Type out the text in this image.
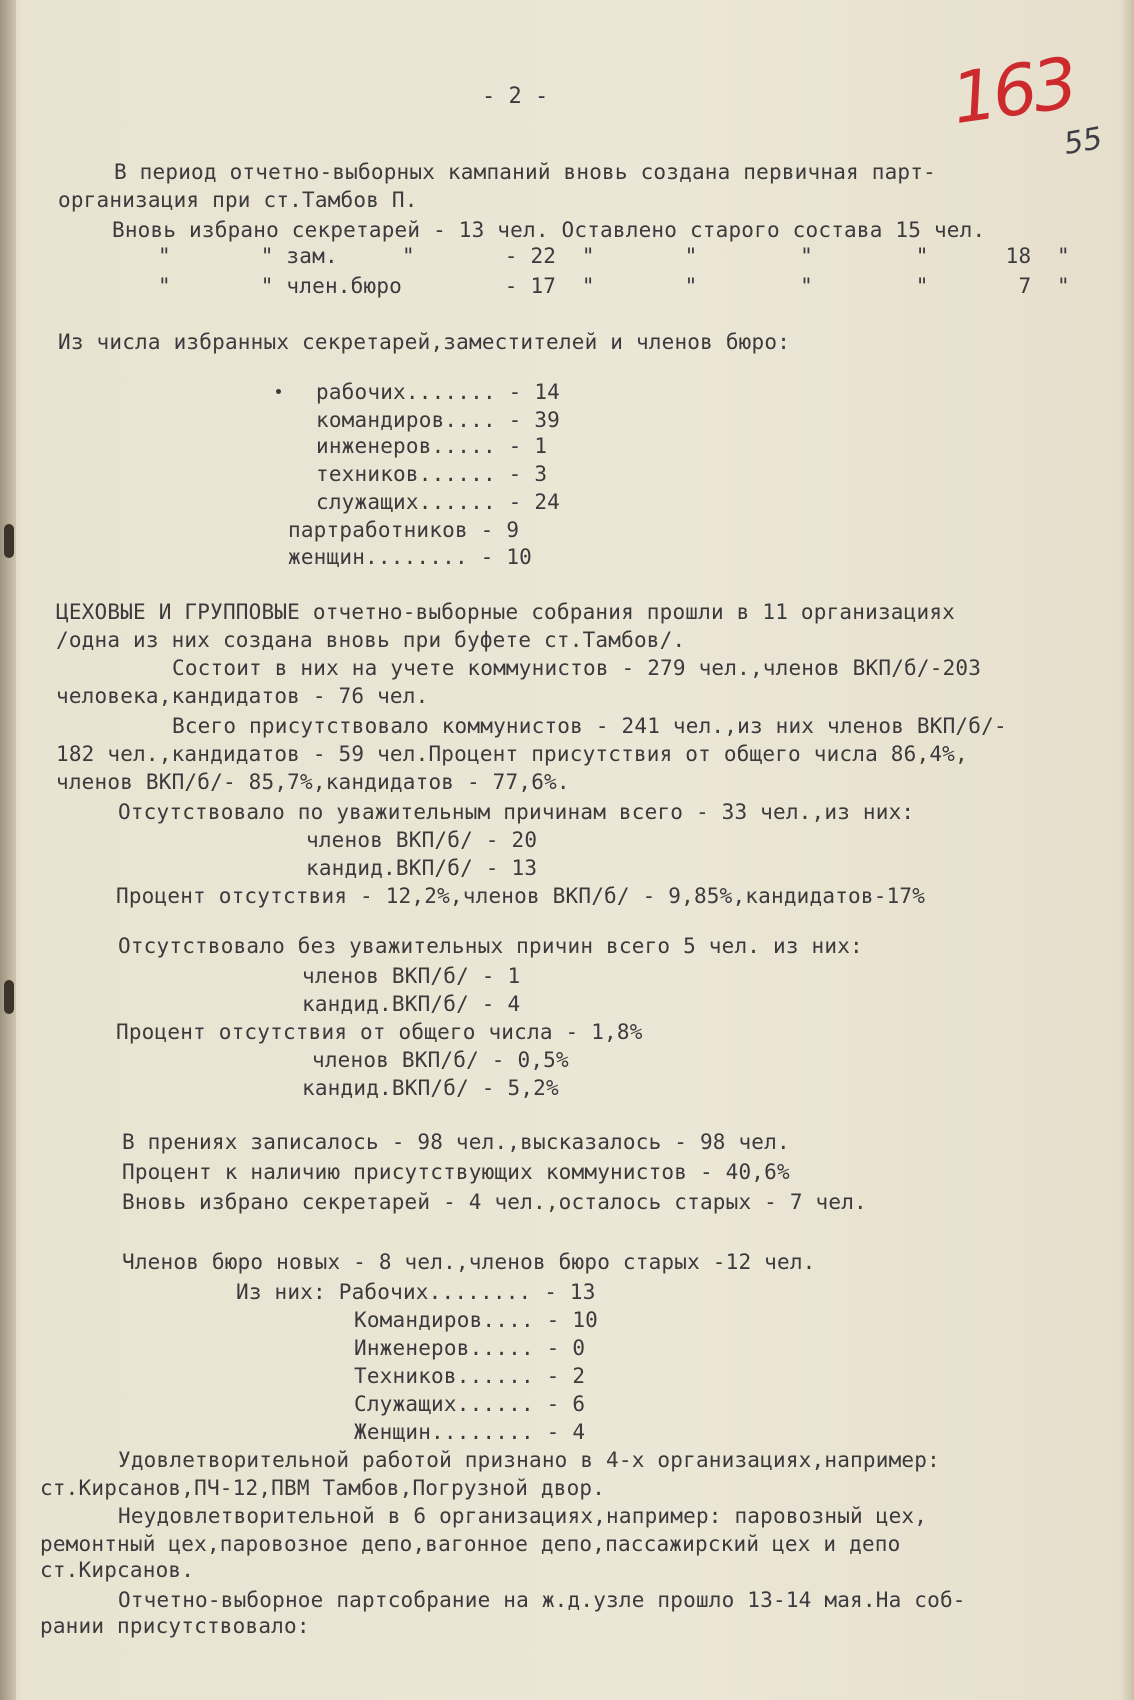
- 2 -	163
55
В период отчетно-выборных кампаний вновь создана первичная парт-
организация при ст.Тамбов П.
Вновь избрано секретарей - 13 чел. Оставлено старого состава 15 чел.
"       " зам.     "       - 22  "       "        "        "      18  "
"       " член.бюро        - 17  "       "        "        "       7  "
Из числа избранных секретарей,заместителей и членов бюро:
рабочих....... - 14
командиров.... - 39
инженеров..... - 1
техников...... - 3
служащих...... - 24
партработников - 9
женщин........ - 10
ЦЕХОВЫЕ И ГРУППОВЫЕ отчетно-выборные собрания прошли в 11 организациях
/одна из них создана вновь при буфете ст.Тамбов/.
Состоит в них на учете коммунистов - 279 чел.,членов ВКП/б/-203
человека,кандидатов - 76 чел.
Всего присутствовало коммунистов - 241 чел.,из них членов ВКП/б/-
182 чел.,кандидатов - 59 чел.Процент присутствия от общего числа 86,4%,
членов ВКП/б/- 85,7%,кандидатов - 77,6%.
Отсутствовало по уважительным причинам всего - 33 чел.,из них:
членов ВКП/б/ - 20
кандид.ВКП/б/ - 13
Процент отсутствия - 12,2%,членов ВКП/б/ - 9,85%,кандидатов-17%
Отсутствовало без уважительных причин всего 5 чел. из них:
членов ВКП/б/ - 1
кандид.ВКП/б/ - 4
Процент отсутствия от общего числа - 1,8%
членов ВКП/б/ - 0,5%
кандид.ВКП/б/ - 5,2%
В прениях записалось - 98 чел.,высказалось - 98 чел.
Процент к наличию присутствующих коммунистов - 40,6%
Вновь избрано секретарей - 4 чел.,осталось старых - 7 чел.
Членов бюро новых - 8 чел.,членов бюро старых -12 чел.
Из них: Рабочих........ - 13
Командиров.... - 10
Инженеров..... - 0
Техников...... - 2
Служащих...... - 6
Женщин........ - 4
Удовлетворительной работой признано в 4-х организациях,например:
ст.Кирсанов,ПЧ-12,ПВМ Тамбов,Погрузной двор.
Неудовлетворительной в 6 организациях,например: паровозный цех,
ремонтный цех,паровозное депо,вагонное депо,пассажирский цех и депо
ст.Кирсанов.
Отчетно-выборное партсобрание на ж.д.узле прошло 13-14 мая.На соб-
рании присутствовало:
